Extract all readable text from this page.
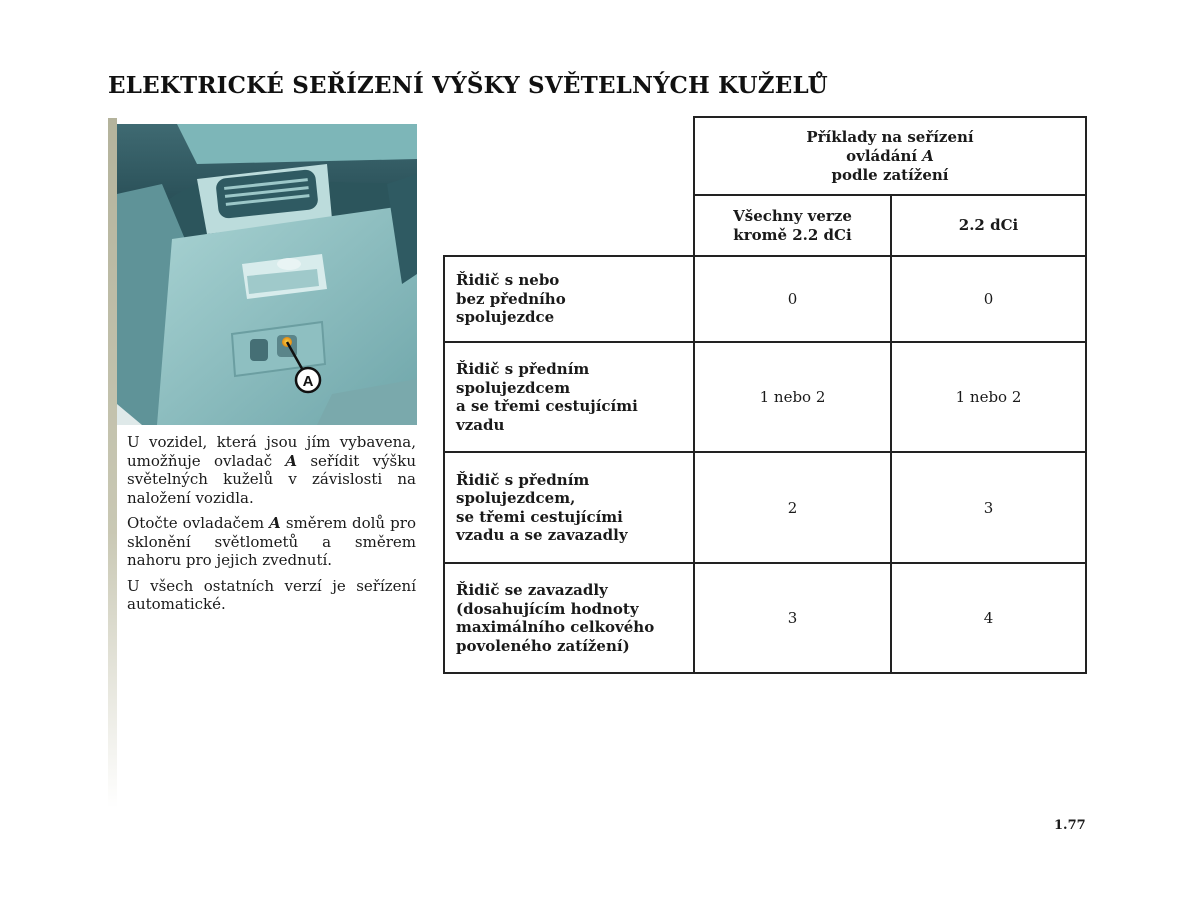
ELEKTRICKÉ SEŘÍZENÍ VÝŠKY SVĚTELNÝCH KUŽELŮ
A

U vozidel, která jsou jím vybavena, umožňuje ovladač A seřídit výšku světelných kuželů v závislosti na naložení vozidla.

Otočte ovladačem A směrem dolů pro sklonění světlometů a směrem nahoru pro jejich zvednutí.

U všech ostatních verzí je seřízení automatické.

	Příklady na seřízení
ovládání A
podle zatížení	

	Všechny verze
kromě 2.2 dCi	2.2 dCi

Řidič s nebo
bez předního
spolujezdce	0	0

Řidič s předním
spolujezdcem
a se třemi cestujícími
vzadu	1 nebo 2	1 nebo 2

Řidič s předním
spolujezdcem,
se třemi cestujícími
vzadu a se zavazadly	2	3

Řidič se zavazadly
(dosahujícím hodnoty
maximálního celkového
povoleného zatížení)	3	4
1.77
